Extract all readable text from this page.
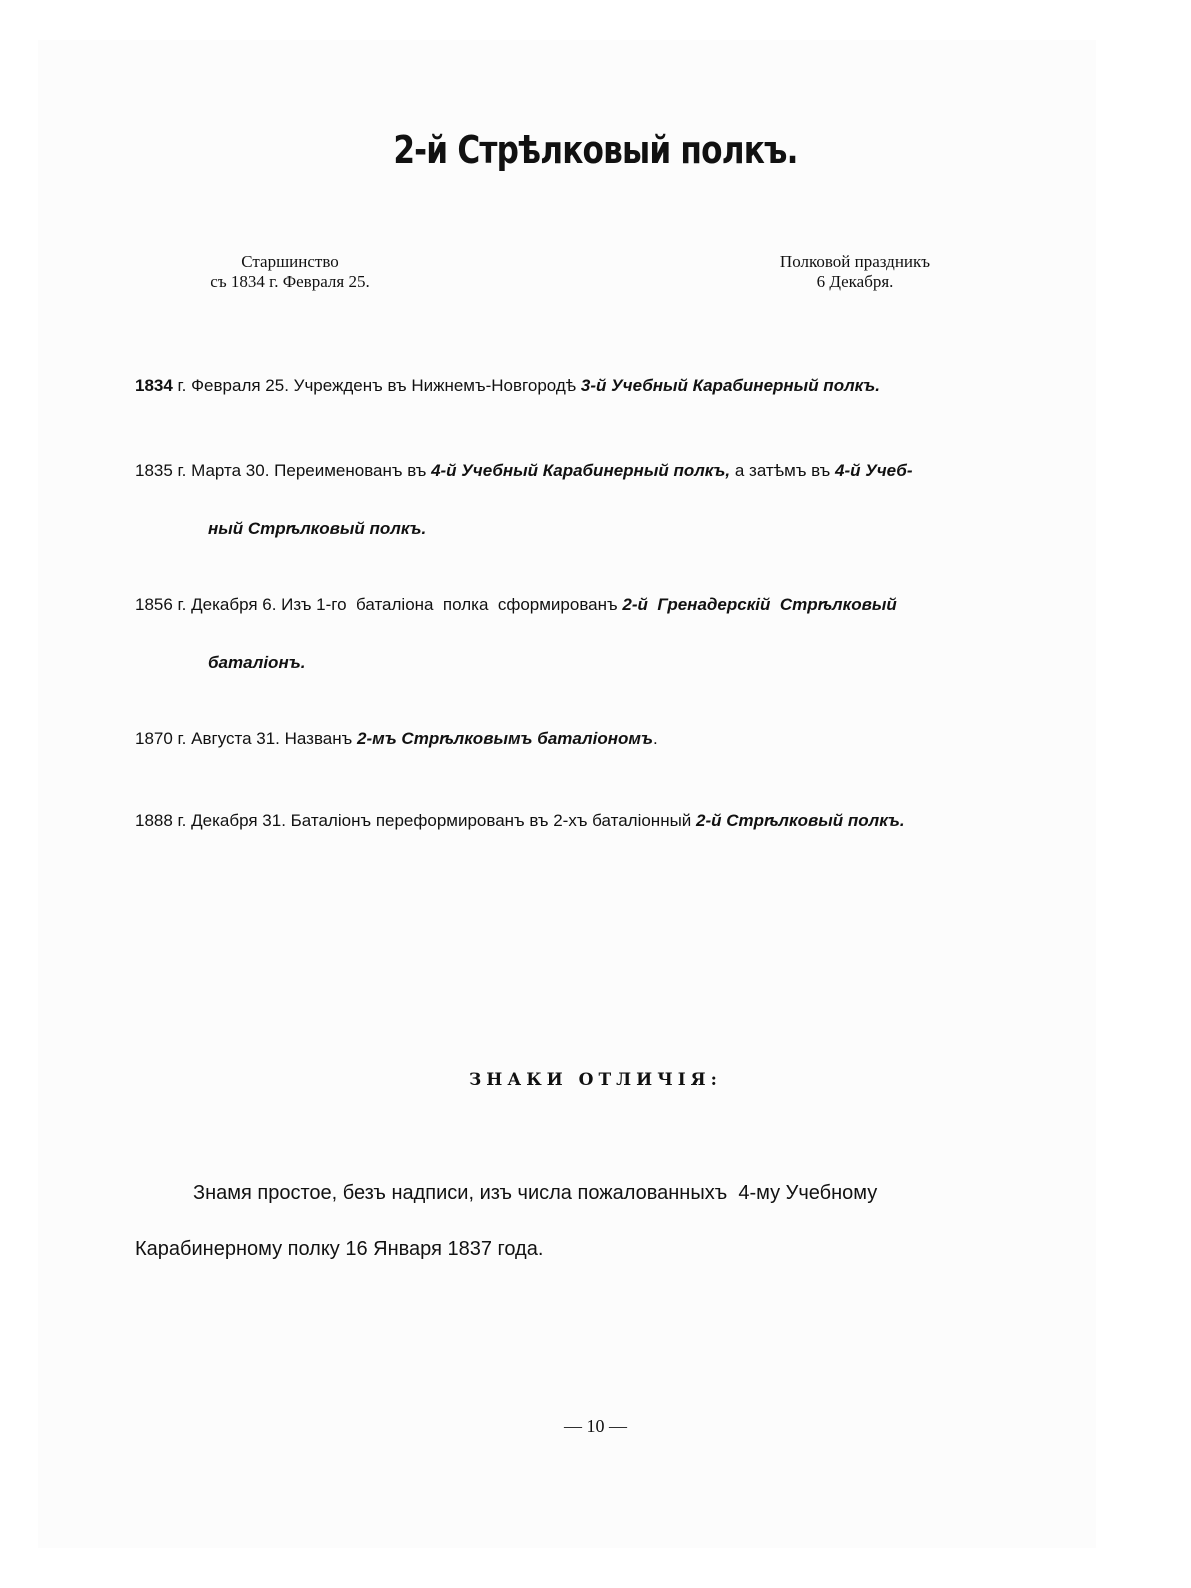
2-й Стрѣлковый полкъ.
Старшинство
съ 1834 г. Февраля 25.
Полковой праздникъ
6 Декабря.
1834 г. Февраля 25. Учрежденъ въ Нижнемъ-Новгородѣ 3-й Учебный Карабинерный полкъ.
1835 г. Марта 30. Переименованъ въ 4-й Учебный Карабинерный полкъ, а затѣмъ въ 4-й Учеб-
ный Стрѣлковый полкъ.
1856 г. Декабря 6. Изъ 1-го  баталіона  полка  сформированъ 2-й  Гренадерскій  Стрѣлковый
баталіонъ.
1870 г. Августа 31. Названъ 2-мъ Стрѣлковымъ баталіономъ.
1888 г. Декабря 31. Баталіонъ переформированъ въ 2-хъ баталіонный 2-й Стрѣлковый полкъ.
ЗНАКИ ОТЛИЧІЯ:
Знамя простое, безъ надписи, изъ числа пожалованныхъ  4-му Учебному
Карабинерному полку 16 Января 1837 года.
— 10 —
